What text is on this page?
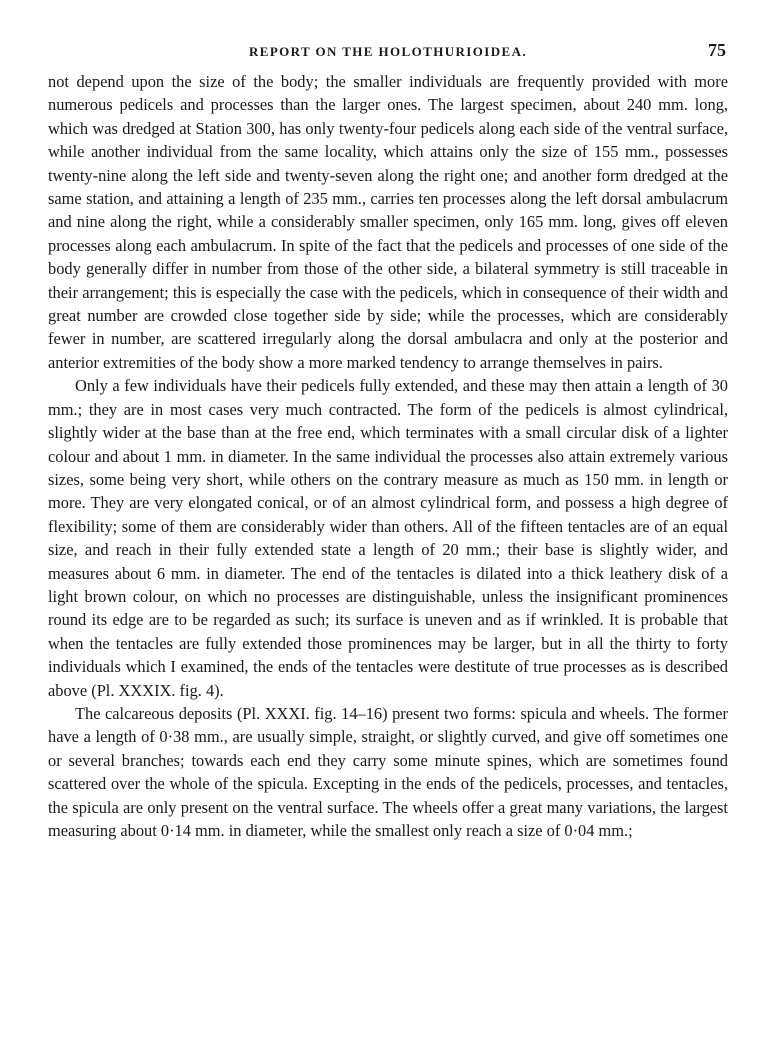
REPORT ON THE HOLOTHURIOIDEA.	75

not depend upon the size of the body; the smaller individuals are frequently provided with more numerous pedicels and processes than the larger ones. The largest specimen, about 240 mm. long, which was dredged at Station 300, has only twenty-four pedicels along each side of the ventral surface, while another individual from the same locality, which attains only the size of 155 mm., possesses twenty-nine along the left side and twenty-seven along the right one; and another form dredged at the same station, and attaining a length of 235 mm., carries ten processes along the left dorsal ambulacrum and nine along the right, while a considerably smaller specimen, only 165 mm. long, gives off eleven processes along each ambulacrum. In spite of the fact that the pedicels and processes of one side of the body generally differ in number from those of the other side, a bilateral symmetry is still traceable in their arrangement; this is especially the case with the pedicels, which in consequence of their width and great number are crowded close together side by side; while the processes, which are considerably fewer in number, are scattered irregularly along the dorsal ambulacra and only at the posterior and anterior extremities of the body show a more marked tendency to arrange themselves in pairs.

Only a few individuals have their pedicels fully extended, and these may then attain a length of 30 mm.; they are in most cases very much contracted. The form of the pedicels is almost cylindrical, slightly wider at the base than at the free end, which terminates with a small circular disk of a lighter colour and about 1 mm. in diameter. In the same individual the processes also attain extremely various sizes, some being very short, while others on the contrary measure as much as 150 mm. in length or more. They are very elongated conical, or of an almost cylindrical form, and possess a high degree of flexibility; some of them are considerably wider than others. All of the fifteen tentacles are of an equal size, and reach in their fully extended state a length of 20 mm.; their base is slightly wider, and measures about 6 mm. in diameter. The end of the tentacles is dilated into a thick leathery disk of a light brown colour, on which no processes are distinguishable, unless the insignificant prominences round its edge are to be regarded as such; its surface is uneven and as if wrinkled. It is probable that when the tentacles are fully extended those prominences may be larger, but in all the thirty to forty individuals which I examined, the ends of the tentacles were destitute of true processes as is described above (Pl. XXXIX. fig. 4).

The calcareous deposits (Pl. XXXI. fig. 14–16) present two forms: spicula and wheels. The former have a length of 0·38 mm., are usually simple, straight, or slightly curved, and give off sometimes one or several branches; towards each end they carry some minute spines, which are sometimes found scattered over the whole of the spicula. Excepting in the ends of the pedicels, processes, and tentacles, the spicula are only present on the ventral surface. The wheels offer a great many variations, the largest measuring about 0·14 mm. in diameter, while the smallest only reach a size of 0·04 mm.;
